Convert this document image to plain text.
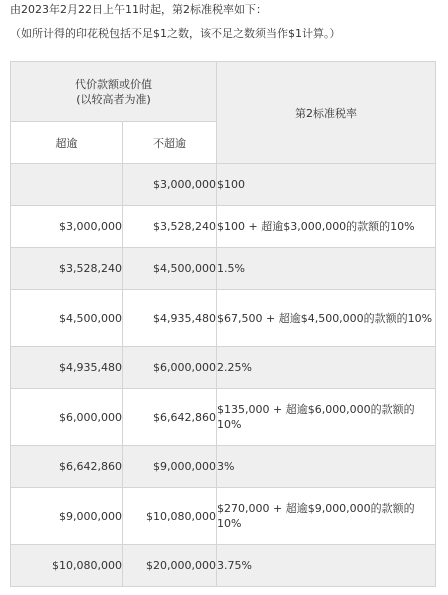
由2023年2月22日上午11时起，第2标准税率如下：
（如所计得的印花税包括不足$1之数，该不足之数须当作$1计算。）
代价款额或价值
(以较高者为准)		第2标准税率
超逾	不超逾	
	$3,000,000	$100
$3,000,000	$3,528,240	$100 + 超逾$3,000,000的款额的10%
$3,528,240	$4,500,000	1.5%
$4,500,000	$4,935,480	$67,500 + 超逾$4,500,000的款额的10%
$4,935,480	$6,000,000	2.25%
$6,000,000	$6,642,860	$135,000 + 超逾$6,000,000的款额的10%
$6,642,860	$9,000,000	3%
$9,000,000	$10,080,000	$270,000 + 超逾$9,000,000的款额的10%
$10,080,000	$20,000,000	3.75%
